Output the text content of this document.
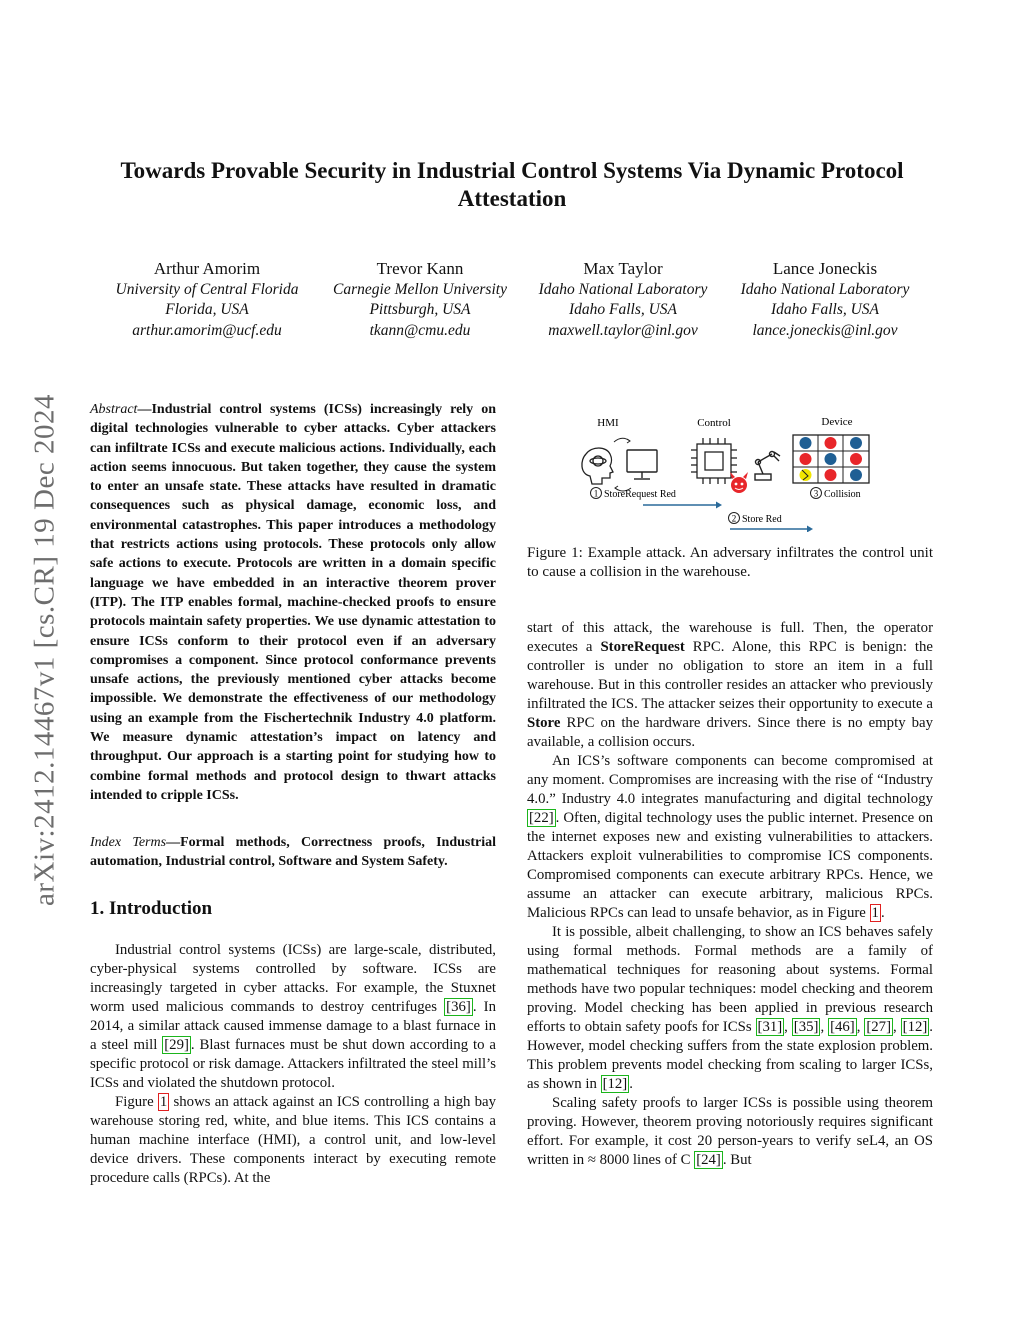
arXiv:2412.14467v1 [cs.CR] 19 Dec 2024
Towards Provable Security in Industrial Control Systems Via Dynamic Protocol Attestation
Arthur Amorim
University of Central Florida
Florida, USA
arthur.amorim@ucf.edu
Trevor Kann
Carnegie Mellon University
Pittsburgh, USA
tkann@cmu.edu
Max Taylor
Idaho National Laboratory
Idaho Falls, USA
maxwell.taylor@inl.gov
Lance Joneckis
Idaho National Laboratory
Idaho Falls, USA
lance.joneckis@inl.gov
Abstract—Industrial control systems (ICSs) increasingly rely on digital technologies vulnerable to cyber attacks. Cyber attackers can infiltrate ICSs and execute malicious actions. Individually, each action seems innocuous. But taken together, they cause the system to enter an unsafe state. These attacks have resulted in dramatic consequences such as physical damage, economic loss, and environmental catastrophes. This paper introduces a methodology that restricts actions using protocols. These protocols only allow safe actions to execute. Protocols are written in a domain specific language we have embedded in an interactive theorem prover (ITP). The ITP enables formal, machine-checked proofs to ensure protocols maintain safety properties. We use dynamic attestation to ensure ICSs conform to their protocol even if an adversary compromises a component. Since protocol conformance prevents unsafe actions, the previously mentioned cyber attacks become impossible. We demonstrate the effectiveness of our methodology using an example from the Fischertechnik Industry 4.0 platform. We measure dynamic attestation’s impact on latency and throughput. Our approach is a starting point for studying how to combine formal methods and protocol design to thwart attacks intended to cripple ICSs.
Index Terms—Formal methods, Correctness proofs, Industrial automation, Industrial control, Software and System Safety.
1. Introduction

Industrial control systems (ICSs) are large-scale, distributed, cyber-physical systems controlled by software. ICSs are increasingly targeted in cyber attacks. For example, the Stuxnet worm used malicious commands to destroy centrifuges [36] . In 2014, a similar attack caused immense damage to a blast furnace in a steel mill [29] . Blast furnaces must be shut down according to a specific protocol or risk damage. Attackers infiltrated the steel mill’s ICSs and violated the shutdown protocol.

Figure 1 shows an attack against an ICS controlling a high bay warehouse storing red, white, and blue items. This ICS contains a human machine interface (HMI), a control unit, and low-level device drivers. These components interact by executing remote procedure calls (RPCs). At the

HMI	Control	Device
1 StoreRequest Red	3 Collision
2 Store Red
Figure 1: Example attack. An adversary infiltrates the control unit to cause a collision in the warehouse.

start of this attack, the warehouse is full. Then, the operator executes a StoreRequest RPC. Alone, this RPC is benign: the controller is under no obligation to store an item in a full warehouse. But in this controller resides an attacker who previously infiltrated the ICS. The attacker seizes their opportunity to execute a Store RPC on the hardware drivers. Since there is no empty bay available, a collision occurs.

An ICS’s software components can become compromised at any moment. Compromises are increasing with the rise of “Industry 4.0.” Industry 4.0 integrates manufacturing and digital technology [22] . Often, digital technology uses the public internet. Presence on the internet exposes new and existing vulnerabilities to attackers. Attackers exploit vulnerabilities to compromise ICS components. Compromised components can execute arbitrary RPCs. Hence, we assume an attacker can execute arbitrary, malicious RPCs. Malicious RPCs can lead to unsafe behavior, as in Figure 1 .

It is possible, albeit challenging, to show an ICS behaves safely using formal methods. Formal methods are a family of mathematical techniques for reasoning about systems. Formal methods have two popular techniques: model checking and theorem proving. Model checking has been applied in previous research efforts to obtain safety poofs for ICSs [31] , [35] , [46] , [27] , [12] . However, model checking suffers from the state explosion problem. This problem prevents model checking from scaling to larger ICSs, as shown in [12] .

Scaling safety proofs to larger ICSs is possible using theorem proving. However, theorem proving notoriously requires significant effort. For example, it cost 20 person-years to verify seL4, an OS written in ≈ 8000 lines of C [24] . But
